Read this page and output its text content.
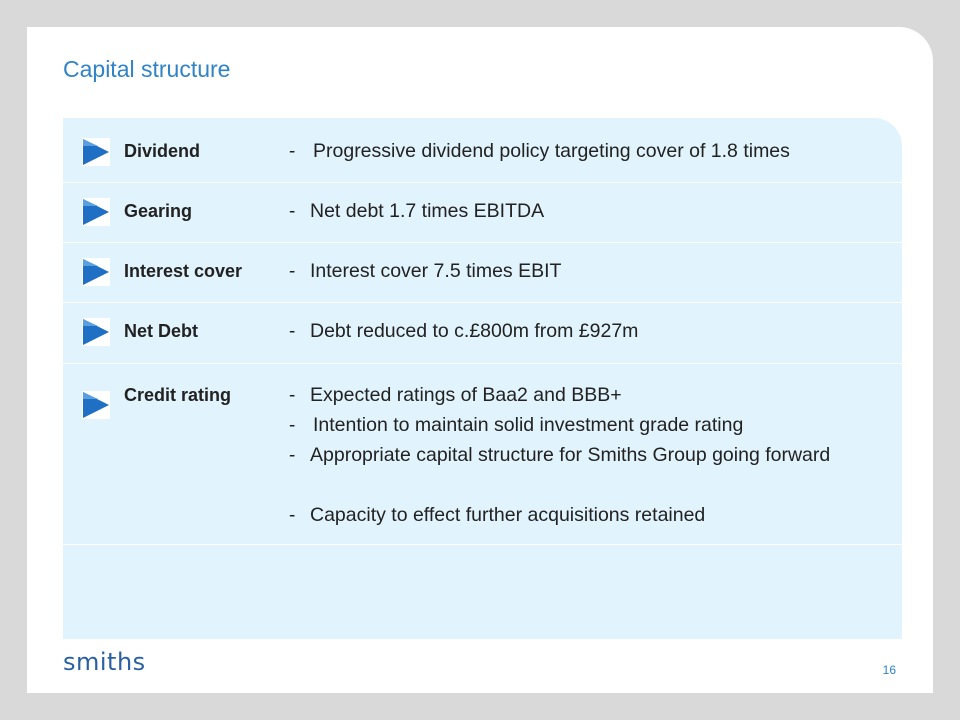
Capital structure
Dividend	- Progressive dividend policy targeting cover of 1.8 times
Gearing	- Net debt 1.7 times EBITDA
Interest cover - Interest cover 7.5 times EBIT
Net Debt	- Debt reduced to c.£800m from £927m
Credit rating	- Expected ratings of Baa2 and BBB+
- Intention to maintain solid investment grade rating
- Appropriate capital structure for Smiths Group going forward
- Capacity to effect further acquisitions retained
smiths	16
